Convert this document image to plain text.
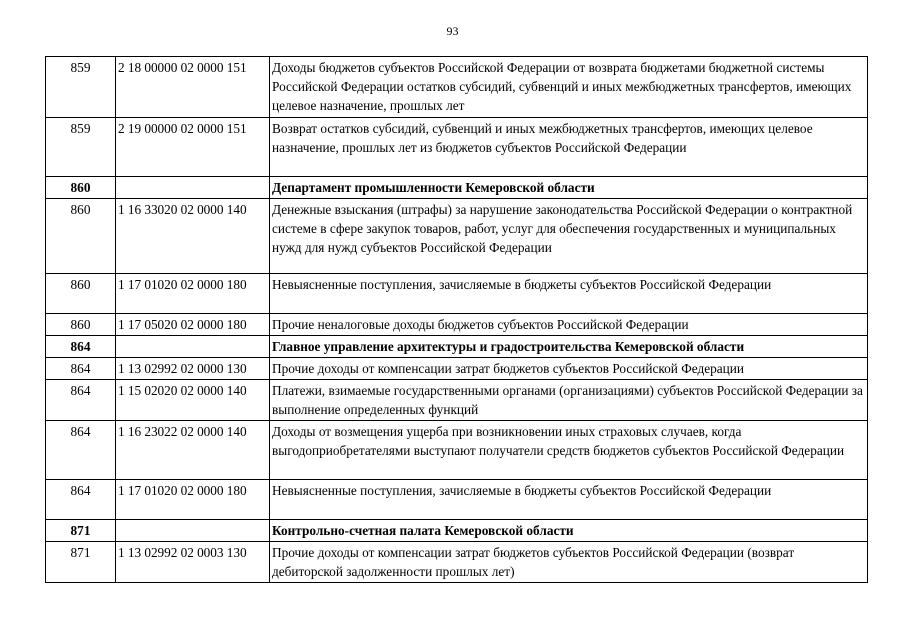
93
859	2 18 00000 02 0000 151	Доходы бюджетов субъектов Российской Федерации от возврата бюджетами бюджетной системы Российской Федерации остатков субсидий, субвенций и иных межбюджетных трансфертов, имеющих целевое назначение, прошлых лет
859	2 19 00000 02 0000 151	Возврат остатков субсидий, субвенций и иных межбюджетных трансфертов, имеющих целевое назначение, прошлых лет из бюджетов субъектов Российской Федерации
860		Департамент промышленности Кемеровской области
860	1 16 33020 02 0000 140	Денежные взыскания (штрафы) за нарушение законодательства Российской Федерации о контрактной системе в сфере закупок товаров, работ, услуг для обеспечения государственных и муниципальных нужд для нужд субъектов Российской Федерации
860	1 17 01020 02 0000 180	Невыясненные поступления, зачисляемые в бюджеты субъектов Российской Федерации
860	1 17 05020 02 0000 180	Прочие неналоговые доходы бюджетов субъектов Российской Федерации
864		Главное управление архитектуры и градостроительства Кемеровской области
864	1 13 02992 02 0000 130	Прочие доходы от компенсации затрат бюджетов субъектов Российской Федерации
864	1 15 02020 02 0000 140	Платежи, взимаемые государственными органами (организациями) субъектов Российской Федерации за выполнение определенных функций
864	1 16 23022 02 0000 140	Доходы от возмещения ущерба при возникновении иных страховых случаев, когда выгодоприобретателями выступают получатели средств бюджетов субъектов Российской Федерации
864	1 17 01020 02 0000 180	Невыясненные поступления, зачисляемые в бюджеты субъектов Российской Федерации
871		Контрольно-счетная палата Кемеровской области
871	1 13 02992 02 0003 130	Прочие доходы от компенсации затрат бюджетов субъектов Российской Федерации (возврат дебиторской задолженности прошлых лет)
